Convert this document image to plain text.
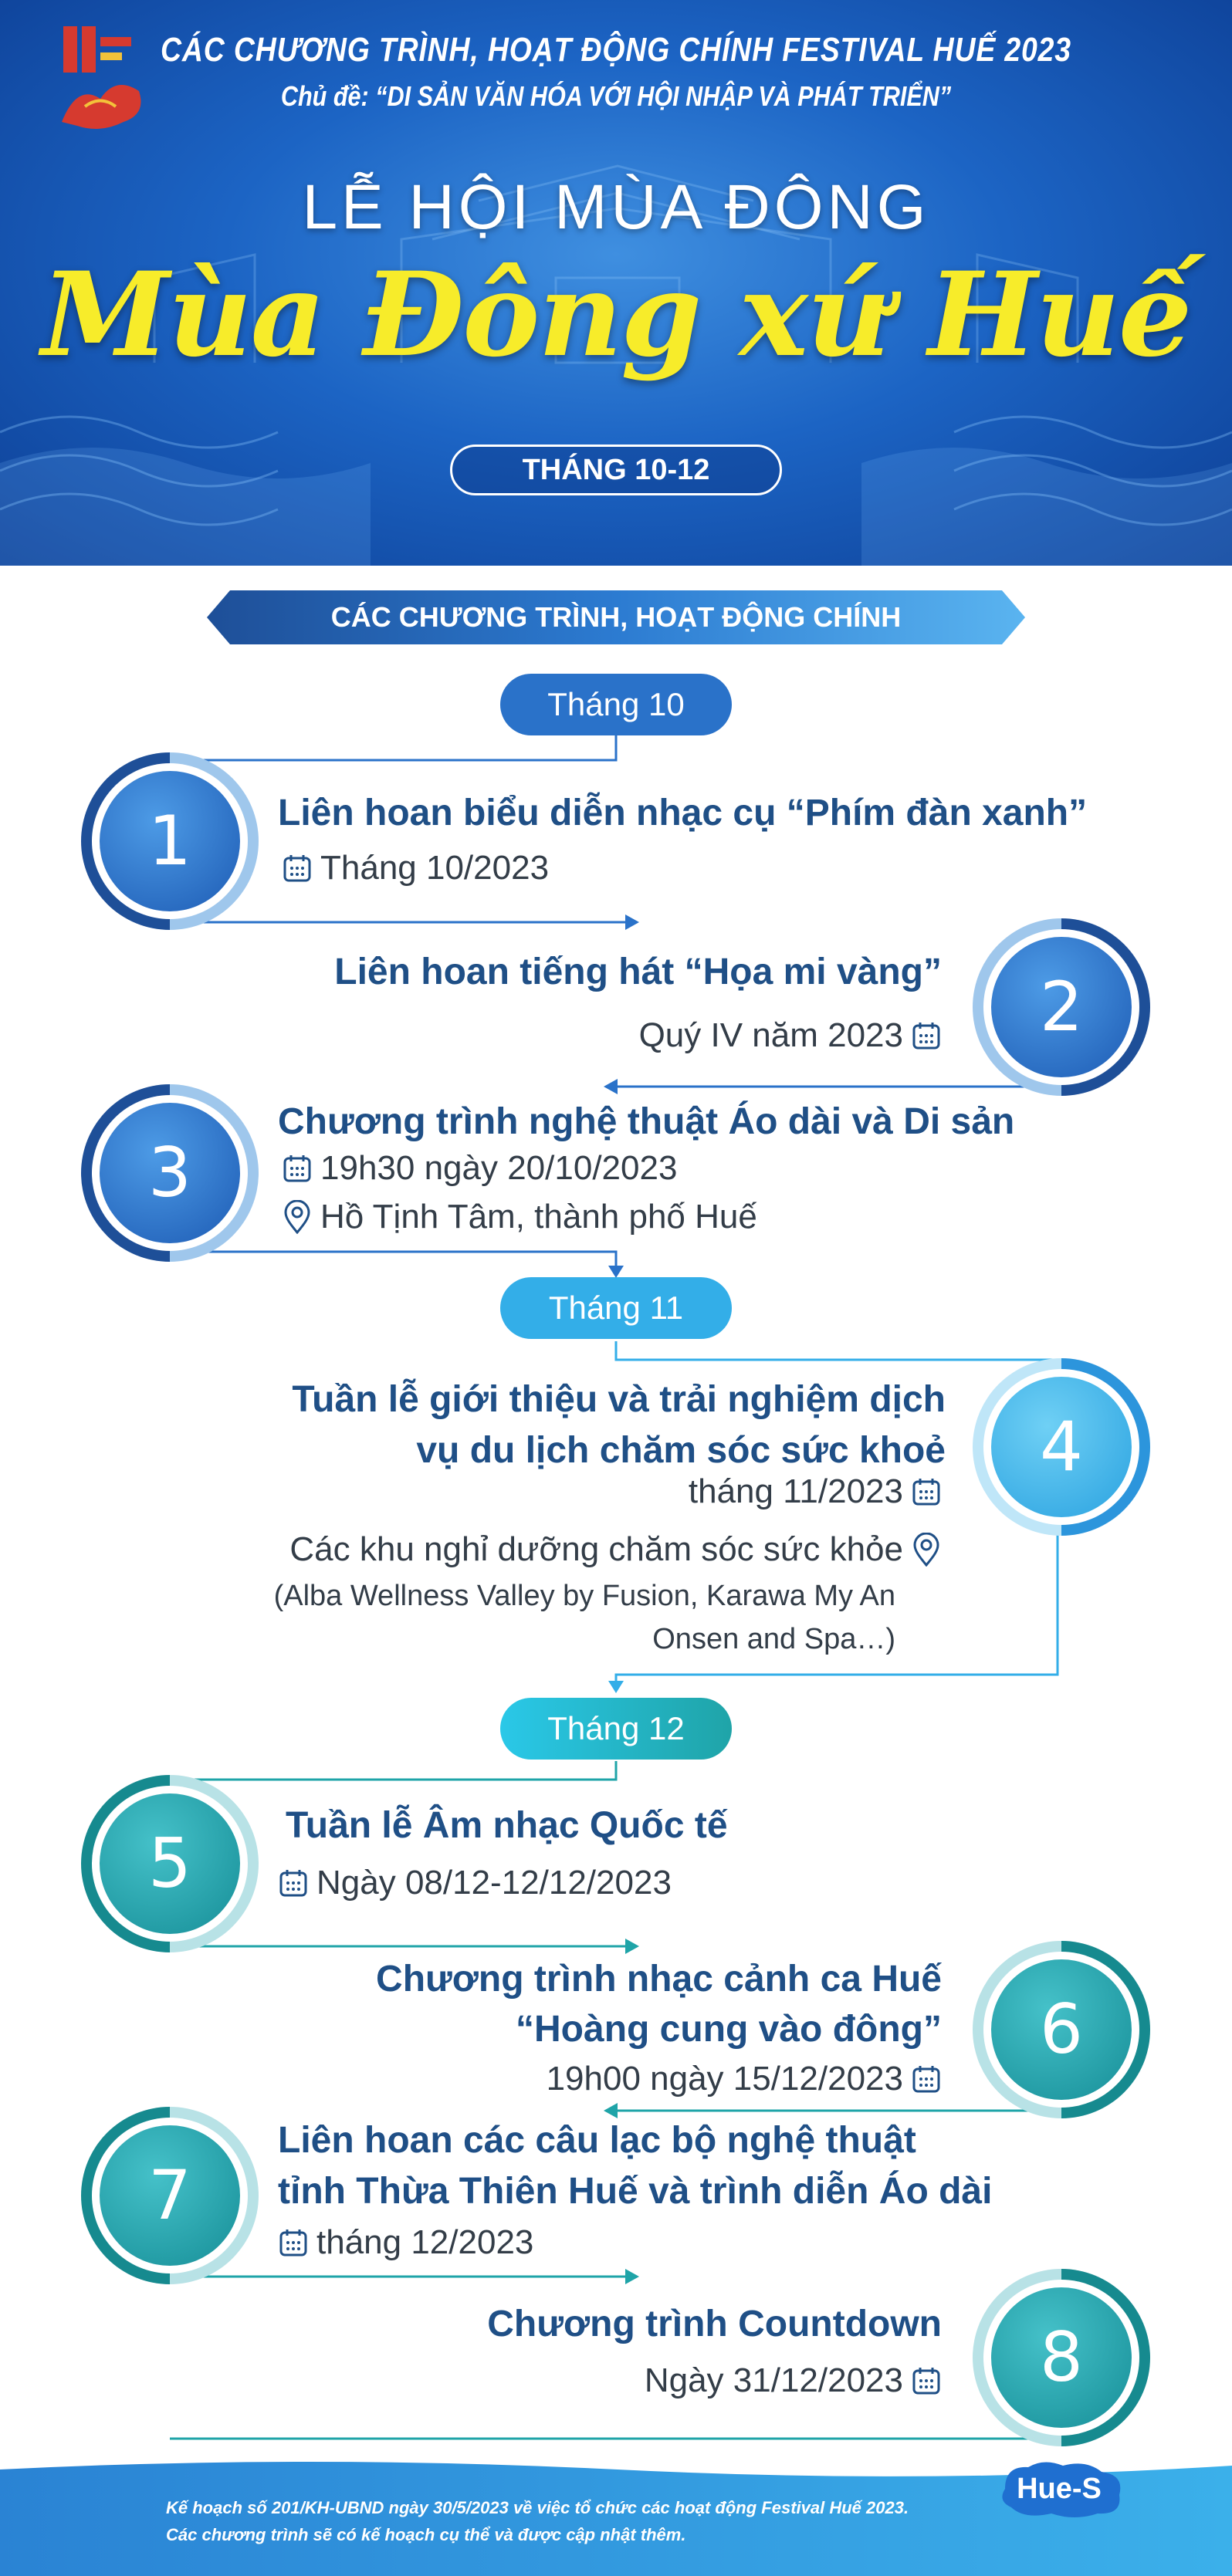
CÁC CHƯƠNG TRÌNH, HOẠT ĐỘNG CHÍNH FESTIVAL HUẾ 2023
Chủ đề: “DI SẢN VĂN HÓA VỚI HỘI NHẬP VÀ PHÁT TRIỂN”
LỄ HỘI MÙA ĐÔNG
Mùa Đông xứ Huế
THÁNG 10-12
CÁC CHƯƠNG TRÌNH, HOẠT ĐỘNG CHÍNH
Tháng 10
Tháng 11
Tháng 12
1
2
3
4
5
6
7
8
Liên hoan biểu diễn nhạc cụ “Phím đàn xanh”
Tháng 10/2023
Liên hoan tiếng hát “Họa mi vàng”
Quý IV năm 2023
Chương trình nghệ thuật Áo dài và Di sản
19h30 ngày 20/10/2023
Hồ Tịnh Tâm, thành phố Huế
Tuần lễ giới thiệu và trải nghiệm dịch
vụ du lịch chăm sóc sức khoẻ
tháng 11/2023
Các khu nghỉ dưỡng chăm sóc sức khỏe
(Alba Wellness Valley by Fusion, Karawa My An
Onsen and Spa…)
Tuần lễ Âm nhạc Quốc tế
Ngày 08/12-12/12/2023
Chương trình nhạc cảnh ca Huế
“Hoàng cung vào đông”
19h00 ngày 15/12/2023
Liên hoan các câu lạc bộ nghệ thuật
tỉnh Thừa Thiên Huế và trình diễn Áo dài
tháng 12/2023
Chương trình Countdown
Ngày 31/12/2023
Kế hoạch số 201/KH-UBND ngày 30/5/2023 về việc tổ chức các hoạt động Festival Huế 2023.
Các chương trình sẽ có kế hoạch cụ thể và được cập nhật thêm.
Hue-S
